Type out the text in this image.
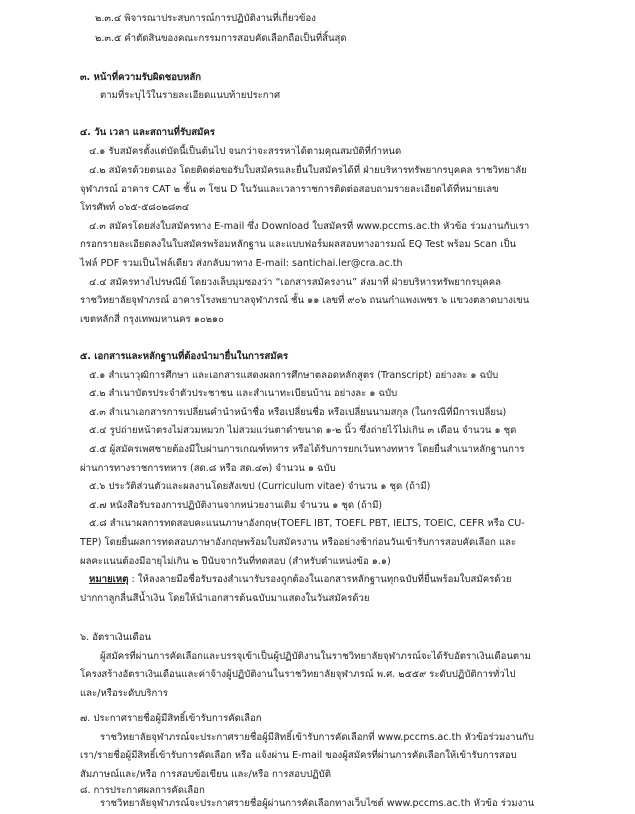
๒.๓.๔ พิจารณาประสบการณ์การปฏิบัติงานที่เกี่ยวข้อง
๒.๓.๕ คำตัดสินของคณะกรรมการสอบคัดเลือกถือเป็นที่สิ้นสุด
๓. หน้าที่ความรับผิดชอบหลัก
ตามที่ระบุไว้ในรายละเอียดแนบท้ายประกาศ
๔. วัน เวลา และสถานที่รับสมัคร
๔.๑ รับสมัครตั้งแต่บัดนี้เป็นต้นไป จนกว่าจะสรรหาได้ตามคุณสมบัติที่กำหนด
๔.๒ สมัครด้วยตนเอง โดยติดต่อขอรับใบสมัครและยื่นใบสมัครได้ที่ ฝ่ายบริหารทรัพยากรบุคคล ราชวิทยาลัย
จุฬาภรณ์ อาคาร CAT ๒ ชั้น ๓ โซน D ในวันและเวลาราชการติดต่อสอบถามรายละเอียดได้ที่หมายเลข
โทรศัพท์ ๐๖๕-๕๘๐๒๘๓๔
๔.๓ สมัครโดยส่งใบสมัครทาง E-mail ซึ่ง Download ใบสมัครที่ www.pccms.ac.th หัวข้อ ร่วมงานกับเรา
กรอกรายละเอียดลงในใบสมัครพร้อมหลักฐาน และแบบฟอร์มผลสอบทางอารมณ์ EQ Test พร้อม Scan เป็น
ไฟล์ PDF รวมเป็นไฟล์เดียว ส่งกลับมาทาง E-mail: santichai.ler@cra.ac.th
๔.๔ สมัครทางไปรษณีย์ โดยวงเล็บมุมซองว่า “เอกสารสมัครงาน” ส่งมาที่ ฝ่ายบริหารทรัพยากรบุคคล
ราชวิทยาลัยจุฬาภรณ์ อาคารโรงพยาบาลจุฬาภรณ์ ชั้น ๑๑ เลขที่ ๙๐๖ ถนนกำแพงเพชร ๖ แขวงตลาดบางเขน
เขตหลักสี่ กรุงเทพมหานคร ๑๐๒๑๐
๕. เอกสารและหลักฐานที่ต้องนำมายื่นในการสมัคร
๕.๑ สำเนาวุฒิการศึกษา และเอกสารแสดงผลการศึกษาตลอดหลักสูตร (Transcript) อย่างละ ๑ ฉบับ
๕.๒ สำเนาบัตรประจำตัวประชาชน และสำเนาทะเบียนบ้าน อย่างละ ๑ ฉบับ
๕.๓ สำเนาเอกสารการเปลี่ยนคำนำหน้าชื่อ หรือเปลี่ยนชื่อ หรือเปลี่ยนนามสกุล (ในกรณีที่มีการเปลี่ยน)
๕.๔ รูปถ่ายหน้าตรงไม่สวมหมวก ไม่สวมแว่นตาดำขนาด ๑-๒ นิ้ว ซึ่งถ่ายไว้ไม่เกิน ๓ เดือน จำนวน ๑ ชุด
๕.๕ ผู้สมัครเพศชายต้องมีใบผ่านการเกณฑ์ทหาร หรือได้รับการยกเว้นทางทหาร โดยยื่นสำเนาหลักฐานการ
ผ่านการทางราชการทหาร (สด.๘ หรือ สด.๔๓) จำนวน ๑ ฉบับ
๕.๖ ประวัติส่วนตัวและผลงานโดยสังเขป (Curriculum vitae) จำนวน ๑ ชุด (ถ้ามี)
๕.๗ หนังสือรับรองการปฏิบัติงานจากหน่วยงานเดิม จำนวน ๑ ชุด (ถ้ามี)
๕.๘ สำเนาผลการทดสอบคะแนนภาษาอังกฤษ(TOEFL IBT, TOEFL PBT, IELTS, TOEIC, CEFR หรือ CU-
TEP) โดยยื่นผลการทดสอบภาษาอังกฤษพร้อมใบสมัครงาน หรืออย่างช้าก่อนวันเข้ารับการสอบคัดเลือก และ
ผลคะแนนต้องมีอายุไม่เกิน ๒ ปีนับจากวันที่ทดสอบ (สำหรับตำแหน่งข้อ ๑.๑)
หมายเหตุ : ให้ลงลายมือชื่อรับรองสำเนารับรองถูกต้องในเอกสารหลักฐานทุกฉบับที่ยื่นพร้อมใบสมัครด้วย
ปากกาลูกลื่นสีน้ำเงิน โดยให้นำเอกสารต้นฉบับมาแสดงในวันสมัครด้วย
๖. อัตราเงินเดือน
ผู้สมัครที่ผ่านการคัดเลือกและบรรจุเข้าเป็นผู้ปฏิบัติงานในราชวิทยาลัยจุฬาภรณ์จะได้รับอัตราเงินเดือนตาม
โครงสร้างอัตราเงินเดือนและค่าจ้างผู้ปฏิบัติงานในราชวิทยาลัยจุฬาภรณ์ พ.ศ. ๒๕๕๙ ระดับปฏิบัติการทั่วไป
และ/หรือระดับบริการ
๗. ประกาศรายชื่อผู้มีสิทธิ์เข้ารับการคัดเลือก
ราชวิทยาลัยจุฬาภรณ์จะประกาศรายชื่อผู้มีสิทธิ์เข้ารับการคัดเลือกที่ www.pccms.ac.th หัวข้อร่วมงานกับ
เรา/รายชื่อผู้มีสิทธิ์เข้ารับการคัดเลือก หรือ แจ้งผ่าน E-mail ของผู้สมัครที่ผ่านการคัดเลือกให้เข้ารับการสอบ
สัมภาษณ์และ/หรือ การสอบข้อเขียน และ/หรือ การสอบปฏิบัติ
๘. การประกาศผลการคัดเลือก
ราชวิทยาลัยจุฬาภรณ์จะประกาศรายชื่อผู้ผ่านการคัดเลือกทางเว็บไซต์ www.pccms.ac.th หัวข้อ ร่วมงาน
